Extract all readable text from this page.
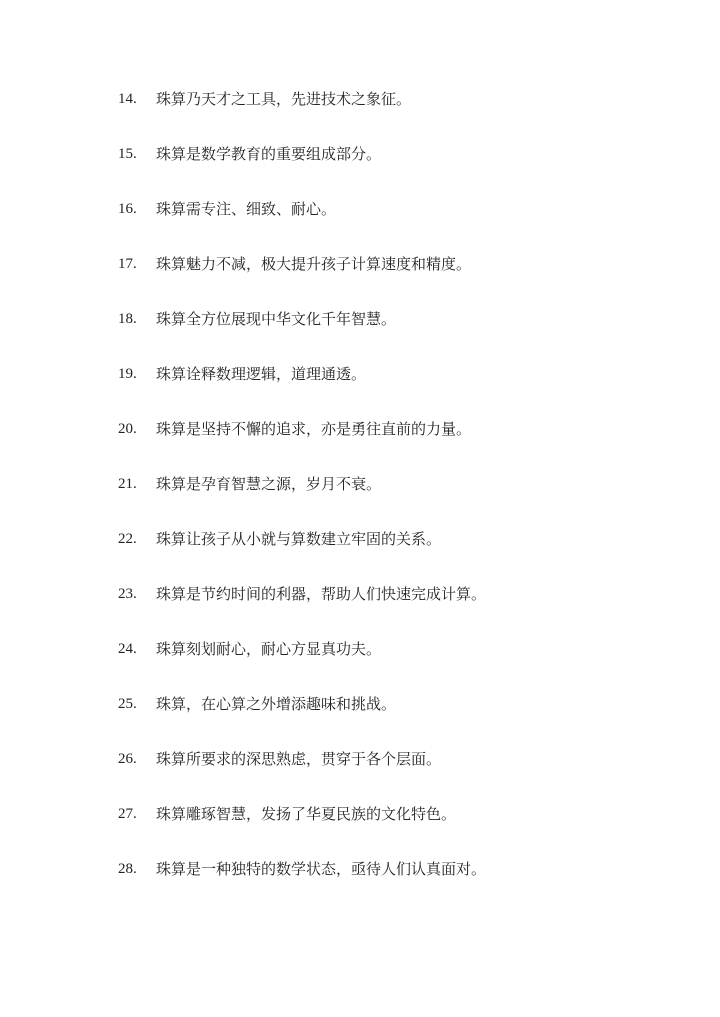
14.	珠算乃天才之工具，先进技术之象征。
15.	珠算是数学教育的重要组成部分。
16.	珠算需专注、细致、耐心。
17.	珠算魅力不减，极大提升孩子计算速度和精度。
18.	珠算全方位展现中华文化千年智慧。
19.	珠算诠释数理逻辑，道理通透。
20.	珠算是坚持不懈的追求，亦是勇往直前的力量。
21.	珠算是孕育智慧之源，岁月不衰。
22.	珠算让孩子从小就与算数建立牢固的关系。
23.	珠算是节约时间的利器，帮助人们快速完成计算。
24.	珠算刻划耐心，耐心方显真功夫。
25.	珠算，在心算之外增添趣味和挑战。
26.	珠算所要求的深思熟虑，贯穿于各个层面。
27.	珠算雕琢智慧，发扬了华夏民族的文化特色。
28.	珠算是一种独特的数学状态，亟待人们认真面对。
